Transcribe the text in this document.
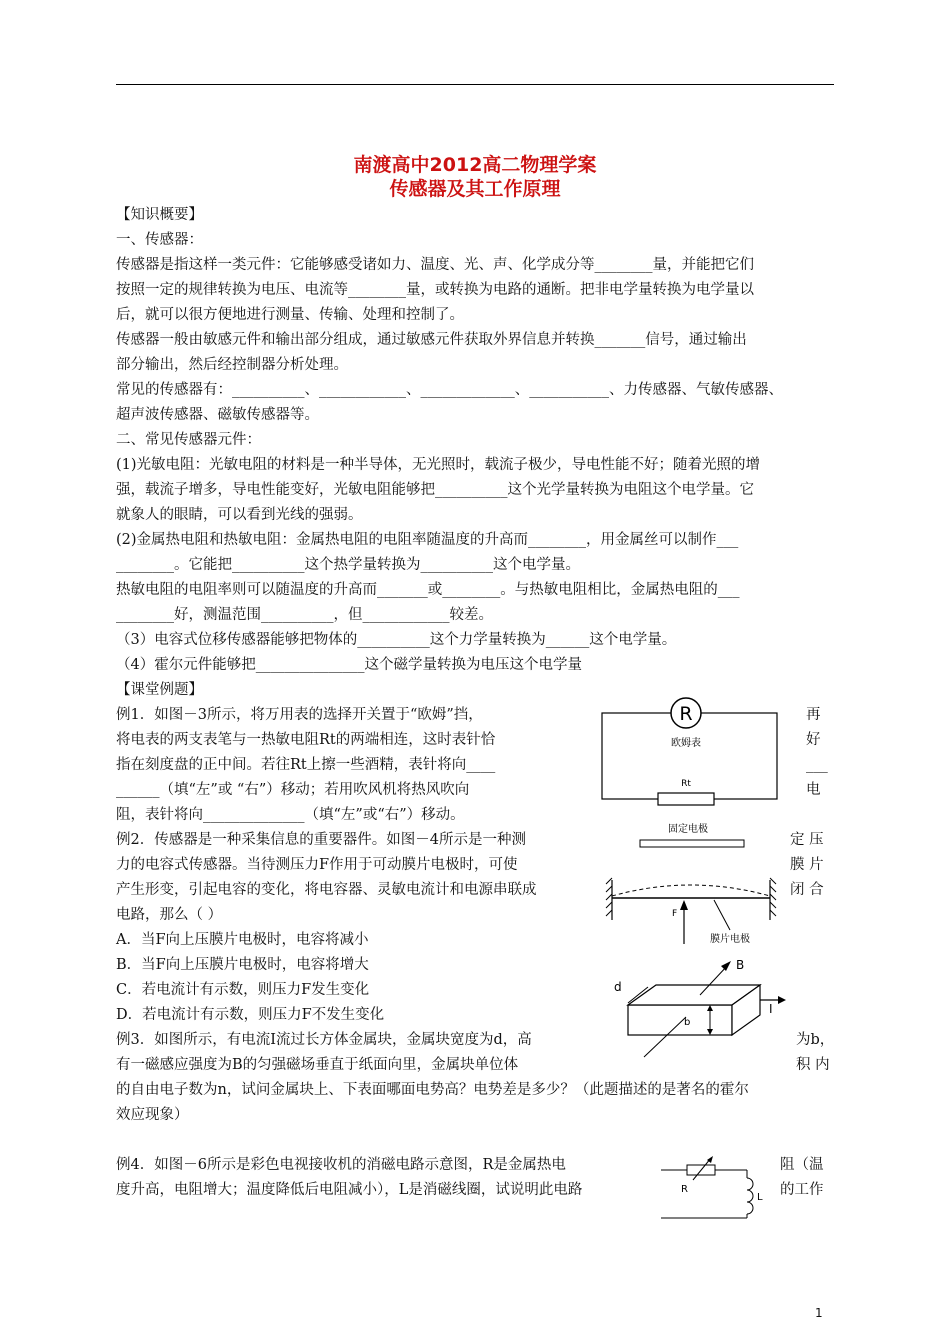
南渡高中2012高二物理学案
传感器及其工作原理
【知识概要】
一、传感器：
传感器是指这样一类元件：它能够感受诸如力、温度、光、声、化学成分等________量，并能把它们
按照一定的规律转换为电压、电流等________量，或转换为电路的通断。把非电学量转换为电学量以
后，就可以很方便地进行测量、传输、处理和控制了。
传感器一般由敏感元件和输出部分组成，通过敏感元件获取外界信息并转换_______信号，通过输出
部分输出，然后经控制器分析处理。
常见的传感器有：__________、____________、_____________、___________、力传感器、气敏传感器、
超声波传感器、磁敏传感器等。
二、常见传感器元件：
(1)光敏电阻：光敏电阻的材料是一种半导体，无光照时，载流子极少，导电性能不好；随着光照的增
强，载流子增多，导电性能变好，光敏电阻能够把__________这个光学量转换为电阻这个电学量。它
就象人的眼睛，可以看到光线的强弱。
(2)金属热电阻和热敏电阻：金属热电阻的电阻率随温度的升高而________，用金属丝可以制作___
________。它能把__________这个热学量转换为__________这个电学量。
热敏电阻的电阻率则可以随温度的升高而_______或________。与热敏电阻相比，金属热电阻的___
________好，测温范围__________，但____________较差。
（3）电容式位移传感器能够把物体的__________这个力学量转换为______这个电学量。
（4）霍尔元件能够把_______________这个磁学量转换为电压这个电学量
【课堂例题】
例1．如图－3所示，将万用表的选择开关置于“欧姆”挡，
将电表的两支表笔与一热敏电阻Rt的两端相连，这时表针恰
指在刻度盘的正中间。若往Rt上擦一些酒精，表针将向____
______（填“左”或 “右”）移动；若用吹风机将热风吹向
阻，表针将向______________（填“左”或“右”）移动。
例2．传感器是一种采集信息的重要器件。如图－4所示是一种测
力的电容式传感器。当待测压力F作用于可动膜片电极时，可使
产生形变，引起电容的变化，将电容器、灵敏电流计和电源串联成
电路，那么（ ）
A．当F向上压膜片电极时，电容将减小
B．当F向上压膜片电极时，电容将增大
C．若电流计有示数，则压力F发生变化
D．若电流计有示数，则压力F不发生变化
例3．如图所示，有电流I流过长方体金属块，金属块宽度为d，高
有一磁感应强度为B的匀强磁场垂直于纸面向里，金属块单位体
的自由电子数为n，试问金属块上、下表面哪面电势高？电势差是多少？（此题描述的是著名的霍尔
效应现象）
例4．如图－6所示是彩色电视接收机的消磁电路示意图，R是金属热电
度升高，电阻增大；温度降低后电阻减小），L是消磁线圈，试说明此电路
再
好
___
电
定 压
膜 片
闭 合
为b，
积 内
阻（温
的工作
R
欧姆表
Rt
固定电极
F
膜片电极
B
d
I
b
R
L
1
